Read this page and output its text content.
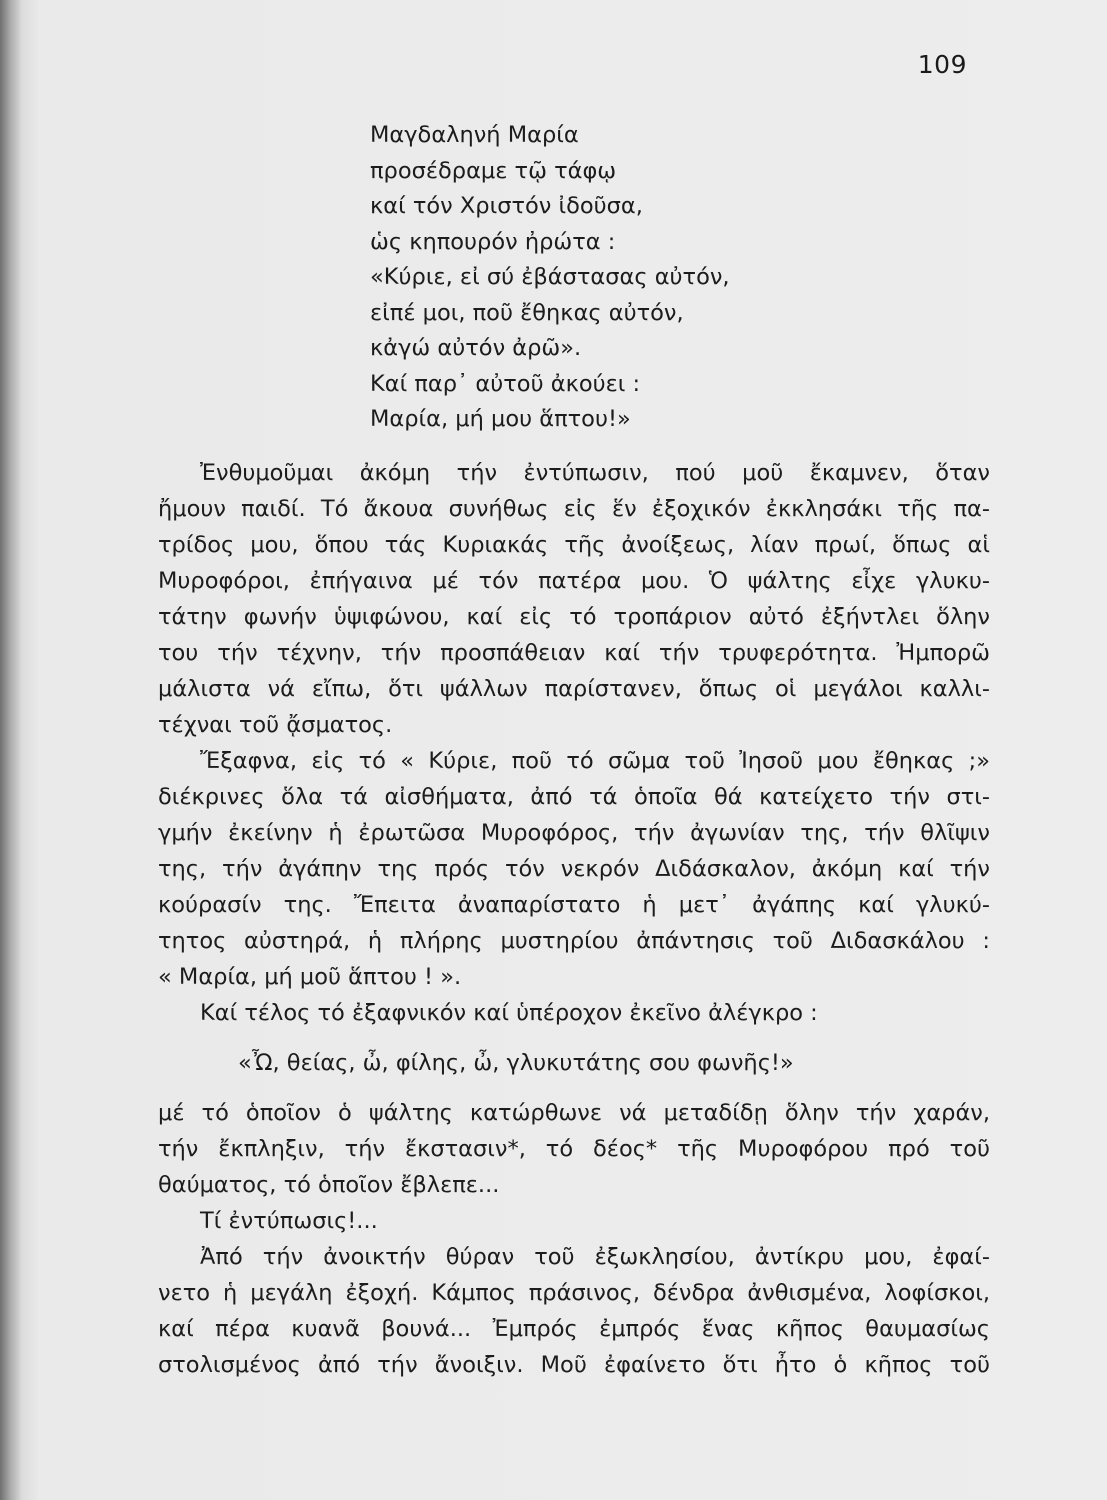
109
Μαγδαληνή Μαρία
προσέδραμε τῷ τάφῳ
καί τόν Χριστόν ἰδοῦσα,
ὡς κηπουρόν ἠρώτα :
«Κύριε, εἰ σύ ἐβάστασας αὐτόν,
εἰπέ μοι, ποῦ ἔθηκας αὐτόν,
κἀγώ αὐτόν ἀρῶ».
Καί παρ᾽ αὐτοῦ ἀκούει :
Μαρία, μή μου ἅπτου!»
Ἐνθυμοῦμαι ἀκόμη τήν ἐντύπωσιν, πού μοῦ ἔκαμνεν, ὅταν
ἤμουν παιδί. Τό ἄκουα συνήθως εἰς ἕν ἐξοχικόν ἐκκλησάκι τῆς πα-
τρίδος μου, ὅπου τάς Κυριακάς τῆς ἀνοίξεως, λίαν πρωί, ὅπως αἱ
Μυροφόροι, ἐπήγαινα μέ τόν πατέρα μου. Ὁ ψάλτης εἶχε γλυκυ-
τάτην φωνήν ὑψιφώνου, καί εἰς τό τροπάριον αὐτό ἐξήντλει ὅλην
του τήν τέχνην, τήν προσπάθειαν καί τήν τρυφερότητα. Ἠμπορῶ
μάλιστα νά εἴπω, ὅτι ψάλλων παρίστανεν, ὅπως οἱ μεγάλοι καλλι-
τέχναι τοῦ ᾄσματος.
Ἔξαφνα, εἰς τό « Κύριε, ποῦ τό σῶμα τοῦ Ἰησοῦ μου ἔθηκας ;»
διέκρινες ὅλα τά αἰσθήματα, ἀπό τά ὁποῖα θά κατείχετο τήν στι-
γμήν ἐκείνην ἡ ἐρωτῶσα Μυροφόρος, τήν ἀγωνίαν της, τήν θλῖψιν
της, τήν ἀγάπην της πρός τόν νεκρόν Διδάσκαλον, ἀκόμη καί τήν
κούρασίν της. Ἔπειτα ἀναπαρίστατο ἡ μετ᾽ ἀγάπης καί γλυκύ-
τητος αὐστηρά, ἡ πλήρης μυστηρίου ἀπάντησις τοῦ Διδασκάλου :
« Μαρία, μή μοῦ ἅπτου ! ».
Καί τέλος τό ἐξαφνικόν καί ὑπέροχον ἐκεῖνο ἀλέγκρο :
«Ὦ, θείας, ὦ, φίλης, ὦ, γλυκυτάτης σου φωνῆς!»
μέ τό ὁποῖον ὁ ψάλτης κατώρθωνε νά μεταδίδῃ ὅλην τήν χαράν,
τήν ἔκπληξιν, τήν ἔκστασιν*, τό δέος* τῆς Μυροφόρου πρό τοῦ
θαύματος, τό ὁποῖον ἔβλεπε...
Τί ἐντύπωσις!...
Ἀπό τήν ἀνοικτήν θύραν τοῦ ἐξωκλησίου, ἀντίκρυ μου, ἐφαί-
νετο ἡ μεγάλη ἐξοχή. Κάμπος πράσινος, δένδρα ἀνθισμένα, λοφίσκοι,
καί πέρα κυανᾶ βουνά... Ἐμπρός ἐμπρός ἕνας κῆπος θαυμασίως
στολισμένος ἀπό τήν ἄνοιξιν. Μοῦ ἐφαίνετο ὅτι ἦτο ὁ κῆπος τοῦ
